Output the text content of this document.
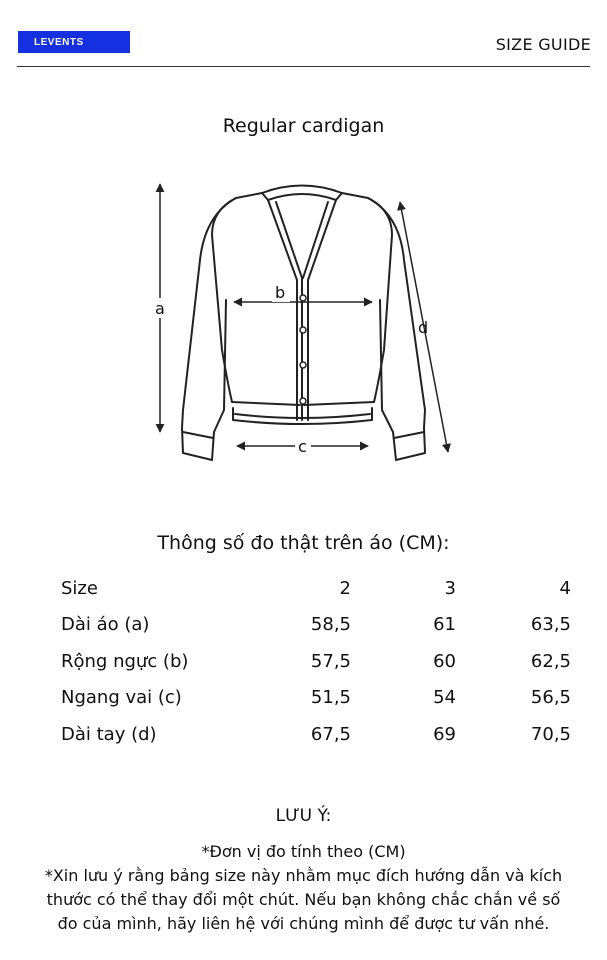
LEVENTS	SIZE GUIDE
Regular cardigan
a
b
c
d
Thông số đo thật trên áo (CM):
Size	2	3	4
Dài áo (a)	58,5	61	63,5
Rộng ngực (b)	57,5	60	62,5
Ngang vai (c)	51,5	54	56,5
Dài tay (d)	67,5	69	70,5
LƯU Ý:
*Đơn vị đo tính theo (CM)
*Xin lưu ý rằng bảng size này nhằm mục đích hướng dẫn và kích thước có thể thay đổi một chút. Nếu bạn không chắc chắn về số đo của mình, hãy liên hệ với chúng mình để được tư vấn nhé.
